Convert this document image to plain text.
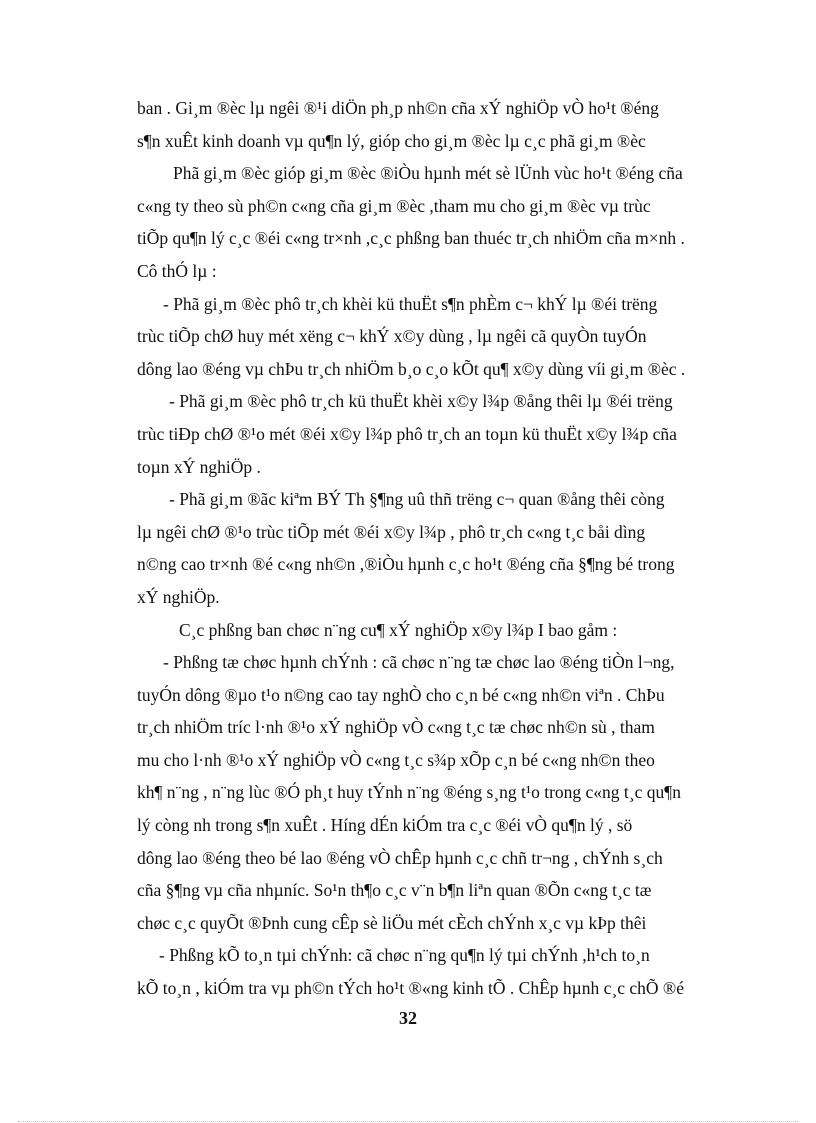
ban . Gi¸m ®èc lµ ngêi ®¹i diÖn ph¸p nh©n cña xÝ nghiÖp vÒ ho¹t ®éng
s¶n xuÊt kinh doanh vµ qu¶n lý, gióp cho gi¸m ®èc lµ c¸c phã gi¸m ®èc
Phã gi¸m ®èc gióp gi¸m ®èc ®iÒu hµnh mét sè lÜnh vùc ho¹t ®éng cña
c«ng ty theo sù ph©n c«ng cña gi¸m ®èc ,tham mu cho gi¸m ®èc vµ trùc
tiÕp qu¶n lý c¸c ®éi c«ng tr×nh ,c¸c phßng ban thuéc tr¸ch nhiÖm cña m×nh .
Cô thÓ lµ :
- Phã gi¸m ®èc phô tr¸ch khèi kü thuËt s¶n phÈm c¬ khÝ lµ ®éi trëng
trùc tiÕp chØ huy mét xëng c¬ khÝ x©y dùng , lµ ngêi cã quyÒn tuyÓn
dông lao ®éng vµ chÞu tr¸ch nhiÖm b¸o c¸o kÕt qu¶ x©y dùng víi gi¸m ®èc .
- Phã gi¸m ®èc phô tr¸ch kü thuËt khèi x©y l¾p ®ång thêi lµ ®éi trëng
trùc tiÐp chØ ®¹o mét ®éi x©y l¾p phô tr¸ch an toµn kü thuËt x©y l¾p cña
toµn xÝ nghiÖp .
- Phã gi¸m ®ãc kiªm BÝ Th §¶ng uû thñ trëng c¬ quan ®ång thêi còng
lµ ngêi chØ ®¹o trùc tiÕp mét ®éi x©y l¾p , phô tr¸ch c«ng t¸c båi dìng
n©ng cao tr×nh ®é c«ng nh©n ,®iÒu hµnh c¸c ho¹t ®éng cña §¶ng bé trong
xÝ nghiÖp.
C¸c phßng ban chøc n¨ng cu¶ xÝ nghiÖp x©y l¾p I bao gåm :
- Phßng tæ chøc hµnh chÝnh : cã chøc n¨ng tæ chøc lao ®éng tiÒn l¬ng,
tuyÓn dông ®µo t¹o n©ng cao tay nghÒ cho c¸n bé c«ng nh©n viªn . ChÞu
tr¸ch nhiÖm tríc l·nh ®¹o xÝ nghiÖp vÒ c«ng t¸c tæ chøc nh©n sù , tham
mu cho l·nh ®¹o xÝ nghiÖp vÒ c«ng t¸c s¾p xÕp c¸n bé c«ng nh©n theo
kh¶ n¨ng , n¨ng lùc ®Ó ph¸t huy tÝnh n¨ng ®éng s¸ng t¹o trong c«ng t¸c qu¶n
lý còng nh trong s¶n xuÊt . Híng dÉn kiÓm tra c¸c ®éi vÒ qu¶n lý , sö
dông lao ®éng theo bé lao ®éng vÒ chÊp hµnh c¸c chñ tr¬ng , chÝnh s¸ch
cña §¶ng vµ cña nhµníc. So¹n th¶o c¸c v¨n b¶n liªn quan ®Õn c«ng t¸c tæ
chøc c¸c quyÕt ®Þnh cung cÊp sè liÖu mét cÈch chÝnh x¸c vµ kÞp thêi
- Phßng kÕ to¸n tµi chÝnh: cã chøc n¨ng qu¶n lý tµi chÝnh ,h¹ch to¸n
kÕ to¸n , kiÓm tra vµ ph©n tÝch ho¹t ®«ng kinh tÕ . ChÊp hµnh c¸c chÕ ®é
32
